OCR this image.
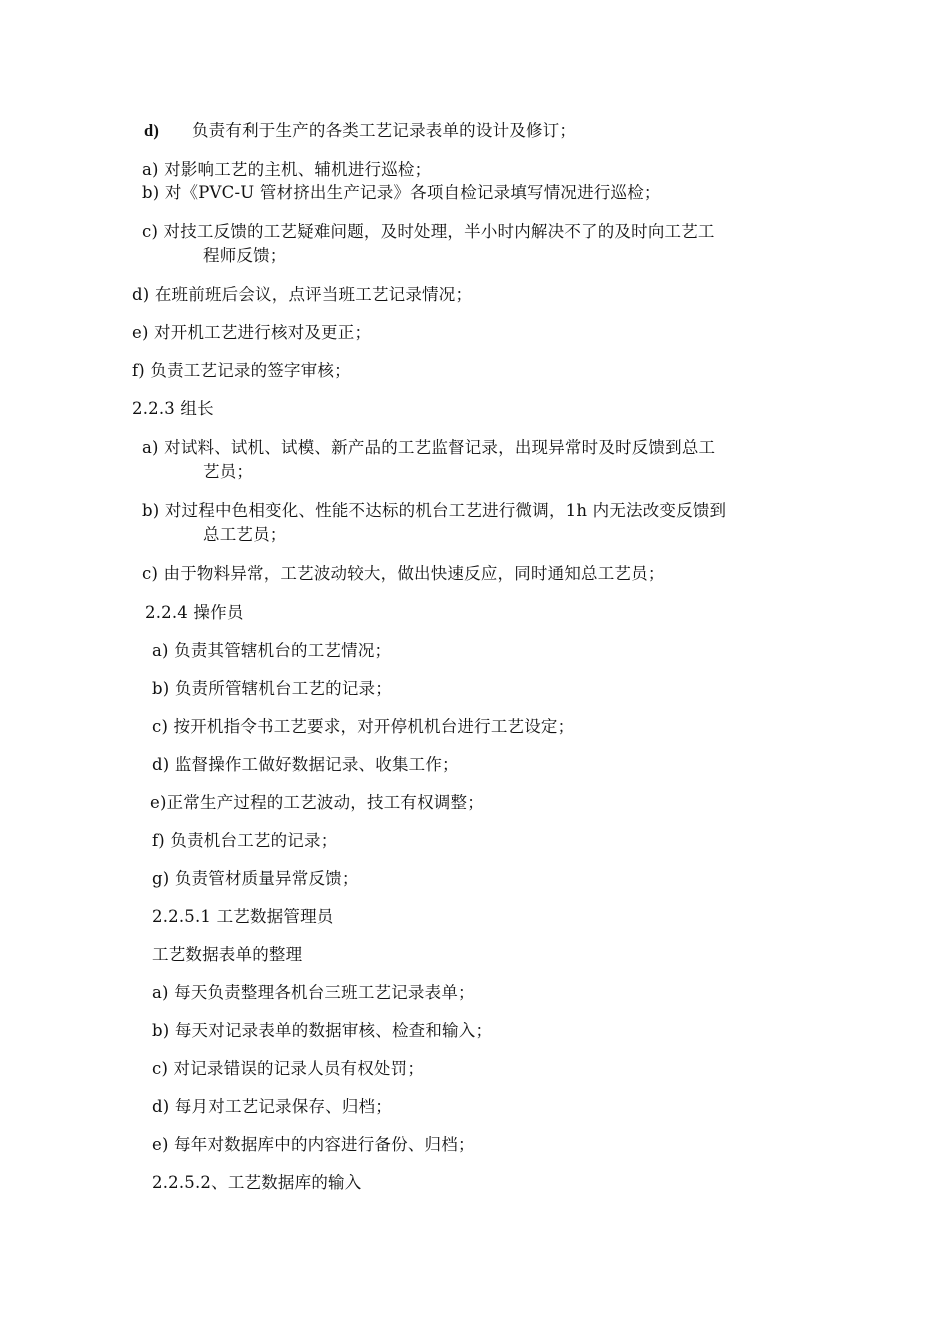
d) 负责有利于生产的各类工艺记录表单的设计及修订；
a) 对影响工艺的主机、辅机进行巡检；
b) 对《PVC-U 管材挤出生产记录》各项自检记录填写情况进行巡检；
c) 对技工反馈的工艺疑难问题，及时处理，半小时内解决不了的及时向工艺工
程师反馈；
d) 在班前班后会议，点评当班工艺记录情况；
e) 对开机工艺进行核对及更正；
f) 负责工艺记录的签字审核；
2.2.3 组长
a) 对试料、试机、试模、新产品的工艺监督记录，出现异常时及时反馈到总工
艺员；
b) 对过程中色相变化、性能不达标的机台工艺进行微调，1h 内无法改变反馈到
总工艺员；
c) 由于物料异常，工艺波动较大，做出快速反应，同时通知总工艺员；
2.2.4 操作员
a) 负责其管辖机台的工艺情况；
b) 负责所管辖机台工艺的记录；
c) 按开机指令书工艺要求，对开停机机台进行工艺设定；
d) 监督操作工做好数据记录、收集工作；
e)正常生产过程的工艺波动，技工有权调整；
f) 负责机台工艺的记录；
g) 负责管材质量异常反馈；
2.2.5.1 工艺数据管理员
工艺数据表单的整理
a) 每天负责整理各机台三班工艺记录表单；
b) 每天对记录表单的数据审核、检查和输入；
c) 对记录错误的记录人员有权处罚；
d) 每月对工艺记录保存、归档；
e) 每年对数据库中的内容进行备份、归档；
2.2.5.2、工艺数据库的输入
